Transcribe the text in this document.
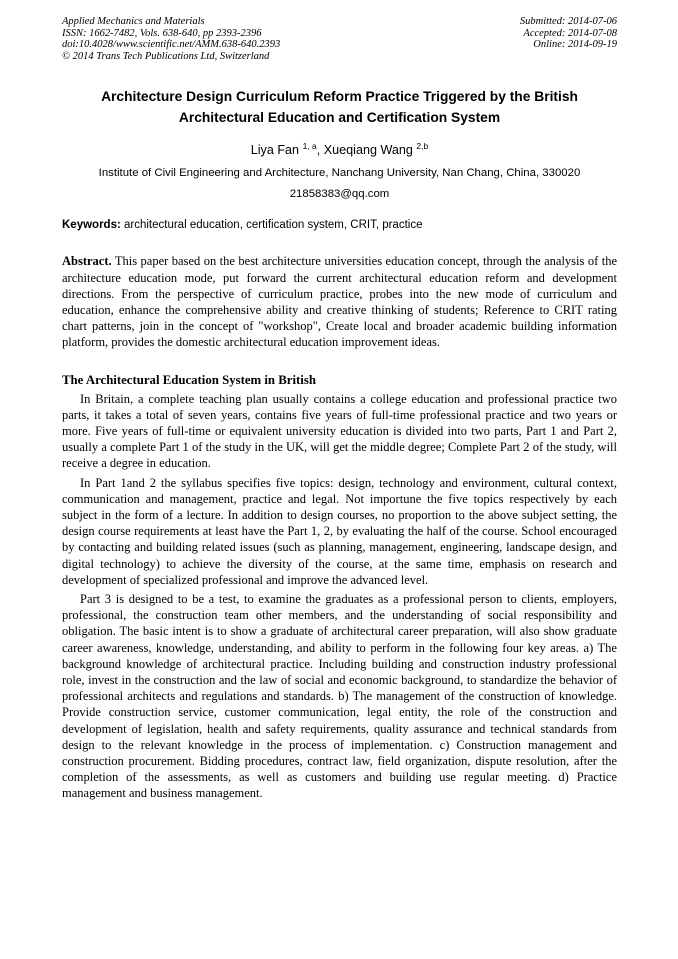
Applied Mechanics and Materials
ISSN: 1662-7482, Vols. 638-640, pp 2393-2396
doi:10.4028/www.scientific.net/AMM.638-640.2393
© 2014 Trans Tech Publications Ltd, Switzerland
Submitted: 2014-07-06
Accepted: 2014-07-08
Online: 2014-09-19
Architecture Design Curriculum Reform Practice Triggered by the British Architectural Education and Certification System
Liya Fan $^{1, a}$, Xueqiang Wang $^{2,b}$
Institute of Civil Engineering and Architecture, Nanchang University, Nan Chang, China, 330020
21858383@qq.com
Keywords: architectural education, certification system, CRIT, practice

Abstract. This paper based on the best architecture universities education concept, through the analysis of the architecture education mode, put forward the current architectural education reform and development directions. From the perspective of curriculum practice, probes into the new mode of curriculum and education, enhance the comprehensive ability and creative thinking of students; Reference to CRIT rating chart patterns, join in the concept of "workshop", Create local and broader academic building information platform, provides the domestic architectural education improvement ideas.

The Architectural Education System in British

In Britain, a complete teaching plan usually contains a college education and professional practice two parts, it takes a total of seven years, contains five years of full-time professional practice and two years or more. Five years of full-time or equivalent university education is divided into two parts, Part 1 and Part 2, usually a complete Part 1 of the study in the UK, will get the middle degree; Complete Part 2 of the study, will receive a degree in education.

In Part 1and 2 the syllabus specifies five topics: design, technology and environment, cultural context, communication and management, practice and legal. Not importune the five topics respectively by each subject in the form of a lecture. In addition to design courses, no proportion to the above subject setting, the design course requirements at least have the Part 1, 2, by evaluating the half of the course. School encouraged by contacting and building related issues (such as planning, management, engineering, landscape design, and digital technology) to achieve the diversity of the course, at the same time, emphasis on research and development of specialized professional and improve the advanced level.

Part 3 is designed to be a test, to examine the graduates as a professional person to clients, employers, professional, the construction team other members, and the understanding of social responsibility and obligation. The basic intent is to show a graduate of architectural career preparation, will also show graduate career awareness, knowledge, understanding, and ability to perform in the following four key areas. a) The background knowledge of architectural practice. Including building and construction industry professional role, invest in the construction and the law of social and economic background, to standardize the behavior of professional architects and regulations and standards. b) The management of the construction of knowledge. Provide construction service, customer communication, legal entity, the role of the construction and development of legislation, health and safety requirements, quality assurance and technical standards from design to the relevant knowledge in the process of implementation. c) Construction management and construction procurement. Bidding procedures, contract law, field organization, dispute resolution, after the completion of the assessments, as well as customers and building use regular meeting. d) Practice management and business management.
